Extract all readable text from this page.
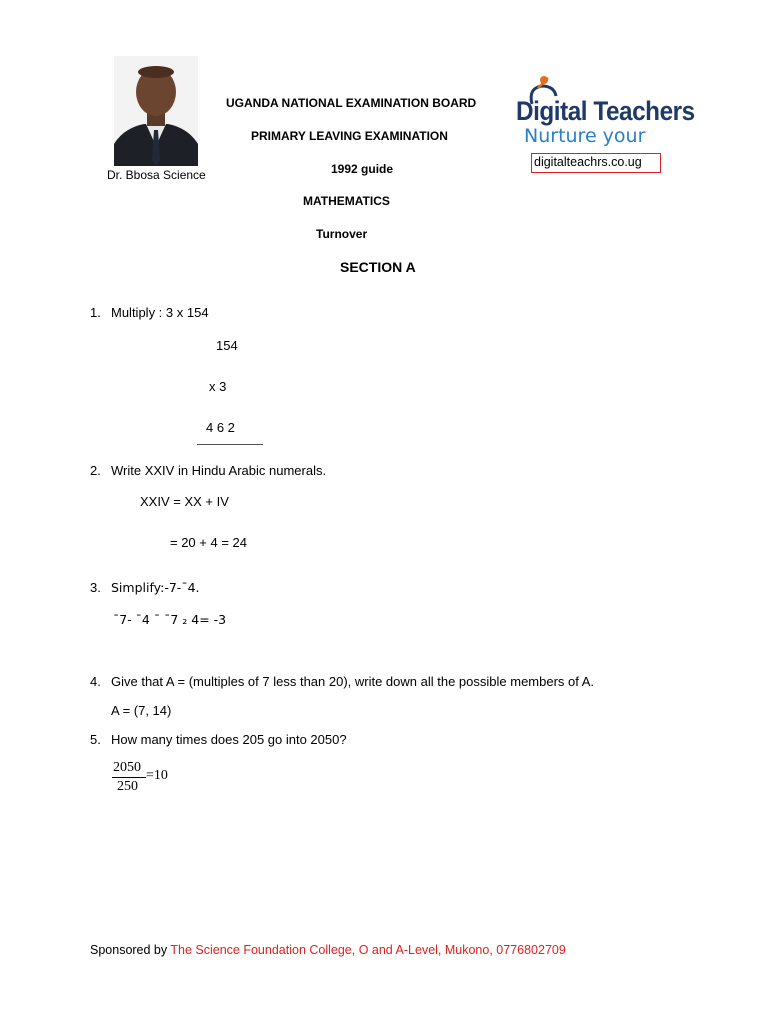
Dr. Bbosa Science
UGANDA NATIONAL EXAMINATION BOARD
PRIMARY LEAVING EXAMINATION
1992 guide
MATHEMATICS
Turnover
Digital Teachers
Nurture your
digitalteachrs.co.ug
SECTION A
1. Multiply : 3 x 154
154
x 3
4 6 2
2. Write XXIV in Hindu Arabic numerals.
XXIV = XX + IV
= 20 + 4 = 24
3. Simplify:-7-¯4.
¯7- ¯4 ¯ ¯7 ₂ 4= -3
4. Give that A = (multiples of 7 less than 20), write down all the possible members of A.
A = (7, 14)
5. How many times does 205 go into 2050?
2050
250
=10
Sponsored by The Science Foundation College, O and A-Level, Mukono, 0776802709
